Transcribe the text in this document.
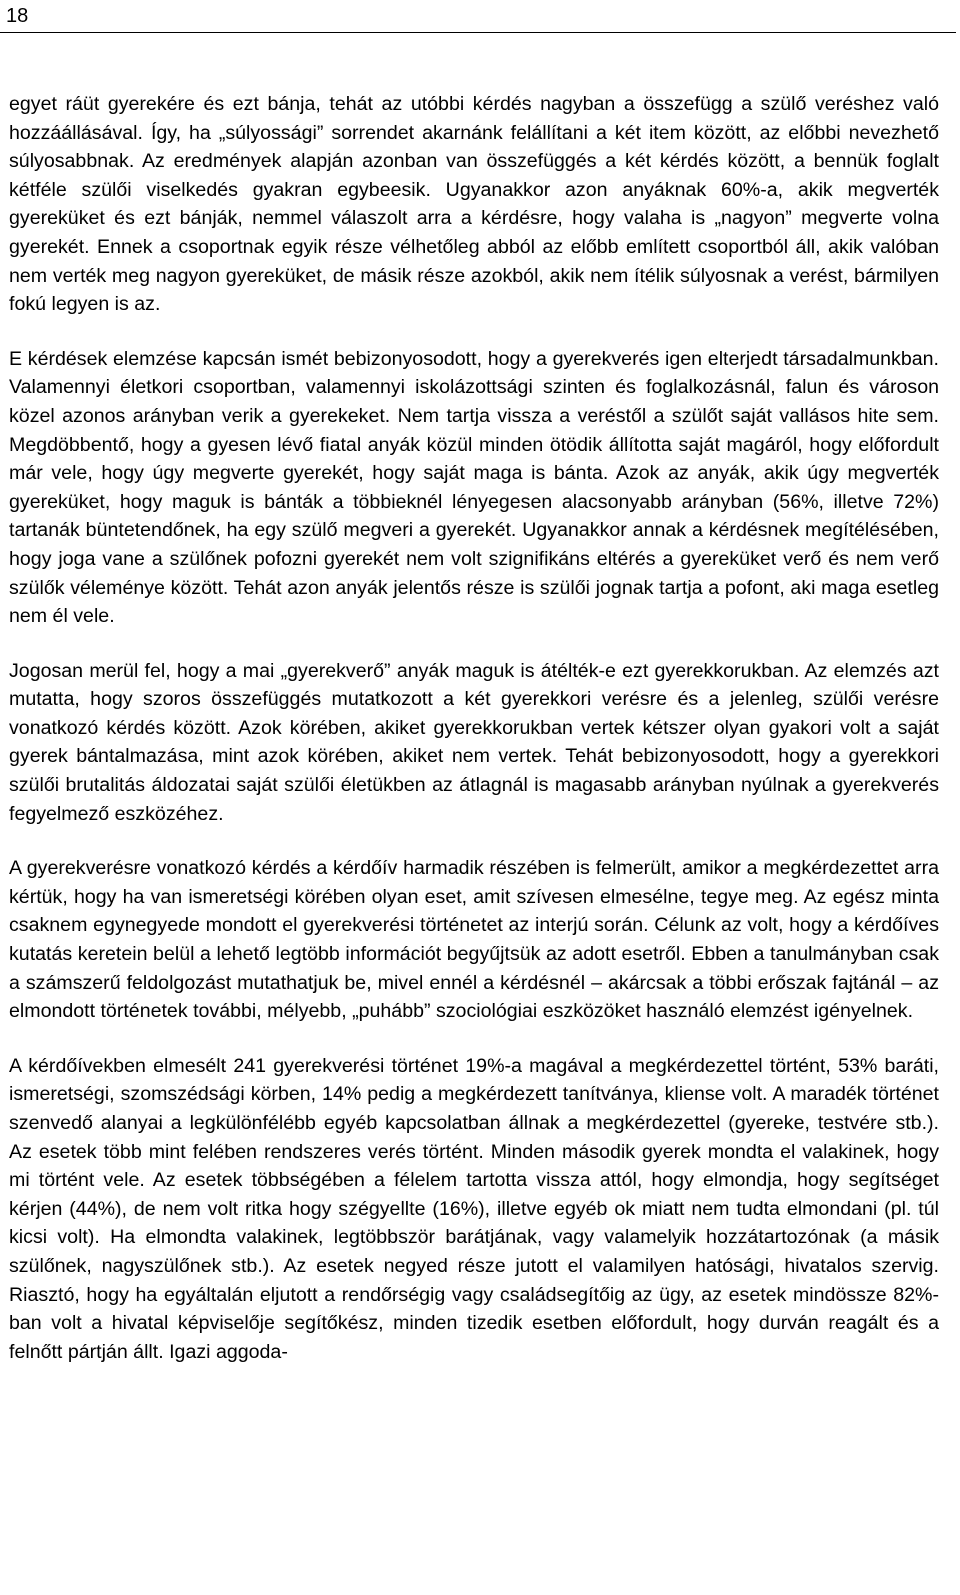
18

egyet ráüt gyerekére és ezt bánja, tehát az utóbbi kérdés nagyban a összefügg a szülő veréshez való hozzáállásával. Így, ha „súlyossági” sorrendet akarnánk felállítani a két item között, az előbbi nevezhető súlyosabbnak. Az eredmények alapján azonban van összefüggés a két kérdés között, a bennük foglalt kétféle szülői viselkedés gyakran egybeesik. Ugyanakkor azon anyáknak 60%-a, akik megverték gyereküket és ezt bánják, nemmel válaszolt arra a kérdésre, hogy valaha is „nagyon” megverte volna gyerekét. Ennek a csoportnak egyik része vélhetőleg abból az előbb említett csoportból áll, akik valóban nem verték meg nagyon gyereküket, de másik része azokból, akik nem ítélik súlyosnak a verést, bármilyen fokú legyen is az.

E kérdések elemzése kapcsán ismét bebizonyosodott, hogy a gyerekverés igen elterjedt társadalmunkban. Valamennyi életkori csoportban, valamennyi iskolázottsági szinten és foglalkozásnál, falun és városon közel azonos arányban verik a gyerekeket. Nem tartja vissza a veréstől a szülőt saját vallásos hite sem. Megdöbbentő, hogy a gyesen lévő fiatal anyák közül minden ötödik állította saját magáról, hogy előfordult már vele, hogy úgy megverte gyerekét, hogy saját maga is bánta. Azok az anyák, akik úgy megverték gyereküket, hogy maguk is bánták a többieknél lényegesen alacsonyabb arányban (56%, illetve 72%) tartanák büntetendőnek, ha egy szülő megveri a gyerekét. Ugyanakkor annak a kérdésnek megítélésében, hogy joga vane a szülőnek pofozni gyerekét nem volt szignifikáns eltérés a gyereküket verő és nem verő szülők véleménye között. Tehát azon anyák jelentős része is szülői jognak tartja a pofont, aki maga esetleg nem él vele.

Jogosan merül fel, hogy a mai „gyerekverő” anyák maguk is átélték-e ezt gyerekkorukban. Az elemzés azt mutatta, hogy szoros összefüggés mutatkozott a két gyerekkori verésre és a jelenleg, szülői verésre vonatkozó kérdés között. Azok körében, akiket gyerekkorukban vertek kétszer olyan gyakori volt a saját gyerek bántalmazása, mint azok körében, akiket nem vertek. Tehát bebizonyosodott, hogy a gyerekkori szülői brutalitás áldozatai saját szülői életükben az átlagnál is magasabb arányban nyúlnak a gyerekverés fegyelmező eszközéhez.

A gyerekverésre vonatkozó kérdés a kérdőív harmadik részében is felmerült, amikor a megkérdezettet arra kértük, hogy ha van ismeretségi körében olyan eset, amit szívesen elmesélne, tegye meg. Az egész minta csaknem egynegyede mondott el gyerekverési történetet az interjú során. Célunk az volt, hogy a kérdőíves kutatás keretein belül a lehető legtöbb információt begyűjtsük az adott esetről. Ebben a tanulmányban csak a számszerű feldolgozást mutathatjuk be, mivel ennél a kérdésnél – akárcsak a többi erőszak fajtánál – az elmondott történetek további, mélyebb, „puhább” szociológiai eszközöket használó elemzést igényelnek.

A kérdőívekben elmesélt 241 gyerekverési történet 19%-a magával a megkérdezettel történt, 53% baráti, ismeretségi, szomszédsági körben, 14% pedig a megkérdezett tanítványa, kliense volt. A maradék történet szenvedő alanyai a legkülönfélébb egyéb kapcsolatban állnak a megkérdezettel (gyereke, testvére stb.). Az esetek több mint felében rendszeres verés történt. Minden második gyerek mondta el valakinek, hogy mi történt vele. Az esetek többségében a félelem tartotta vissza attól, hogy elmondja, hogy segítséget kérjen (44%), de nem volt ritka hogy szégyellte (16%), illetve egyéb ok miatt nem tudta elmondani (pl. túl kicsi volt). Ha elmondta valakinek, legtöbbször barátjának, vagy valamelyik hozzátartozónak (a másik szülőnek, nagyszülőnek stb.). Az esetek negyed része jutott el valamilyen hatósági, hivatalos szervig. Riasztó, hogy ha egyáltalán eljutott a rendőrségig vagy családsegítőig az ügy, az esetek mindössze 82%-ban volt a hivatal képviselője segítőkész, minden tizedik esetben előfordult, hogy durván reagált és a felnőtt pártján állt. Igazi aggoda-
